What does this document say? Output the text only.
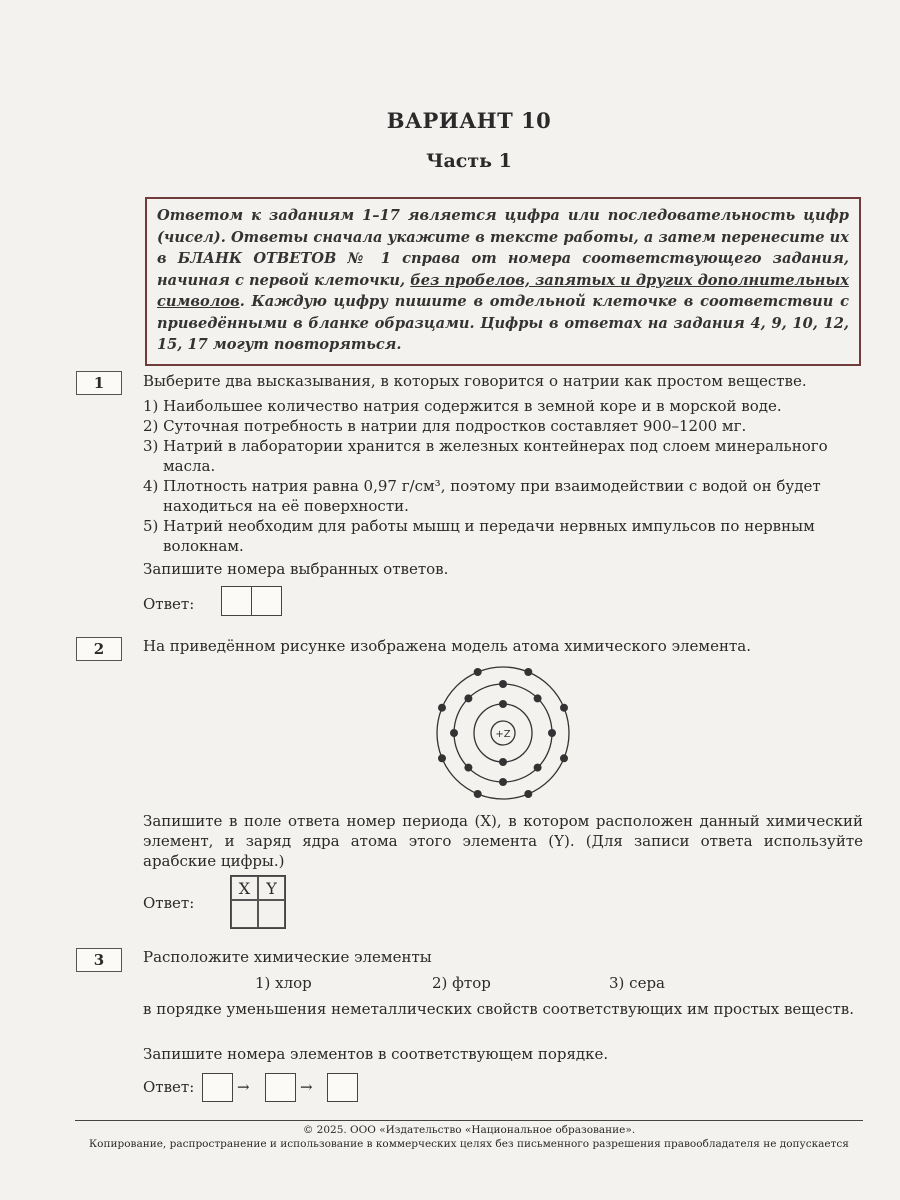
ВАРИАНТ 10
Часть 1
Ответом к заданиям 1–17 является цифра или последовательность цифр (чисел). Ответы сначала укажите в тексте работы, а затем перенесите их в БЛАНК ОТВЕТОВ № 1 справа от номера соответствующего задания, начиная с первой клеточки, без пробелов, запятых и других дополнительных символов. Каждую цифру пишите в отдельной клеточке в соответствии с приведёнными в бланке образцами. Цифры в ответах на задания 4, 9, 10, 12, 15, 17 могут повторяться.
1	Выберите два высказывания, в которых говорится о натрии как простом веществе.
1) Наибольшее количество натрия содержится в земной коре и в морской воде.
2) Суточная потребность в натрии для подростков составляет 900–1200 мг.
3) Натрий в лаборатории хранится в железных контейнерах под слоем минерального масла.
4) Плотность натрия равна 0,97 г/см³, поэтому при взаимодействии с водой он будет находиться на её поверхности.
5) Натрий необходим для работы мышц и передачи нервных импульсов по нервным волокнам.
Запишите номера выбранных ответов.
Ответ:
2	На приведённом рисунке изображена модель атома химического элемента.
+Z
Запишите в поле ответа номер периода (X), в котором расположен данный химический элемент, и заряд ядра атома этого элемента (Y). (Для записи ответа используйте арабские цифры.)
Ответ:
X	Y
3	Расположите химические элементы
1) хлор	2) фтор	3) сера
в порядке уменьшения неметаллических свойств соответствующих им простых веществ.
Запишите номера элементов в соответствующем порядке.
Ответ:	→	→
© 2025. ООО «Издательство «Национальное образование».
Копирование, распространение и использование в коммерческих целях без письменного разрешения правообладателя не допускается
